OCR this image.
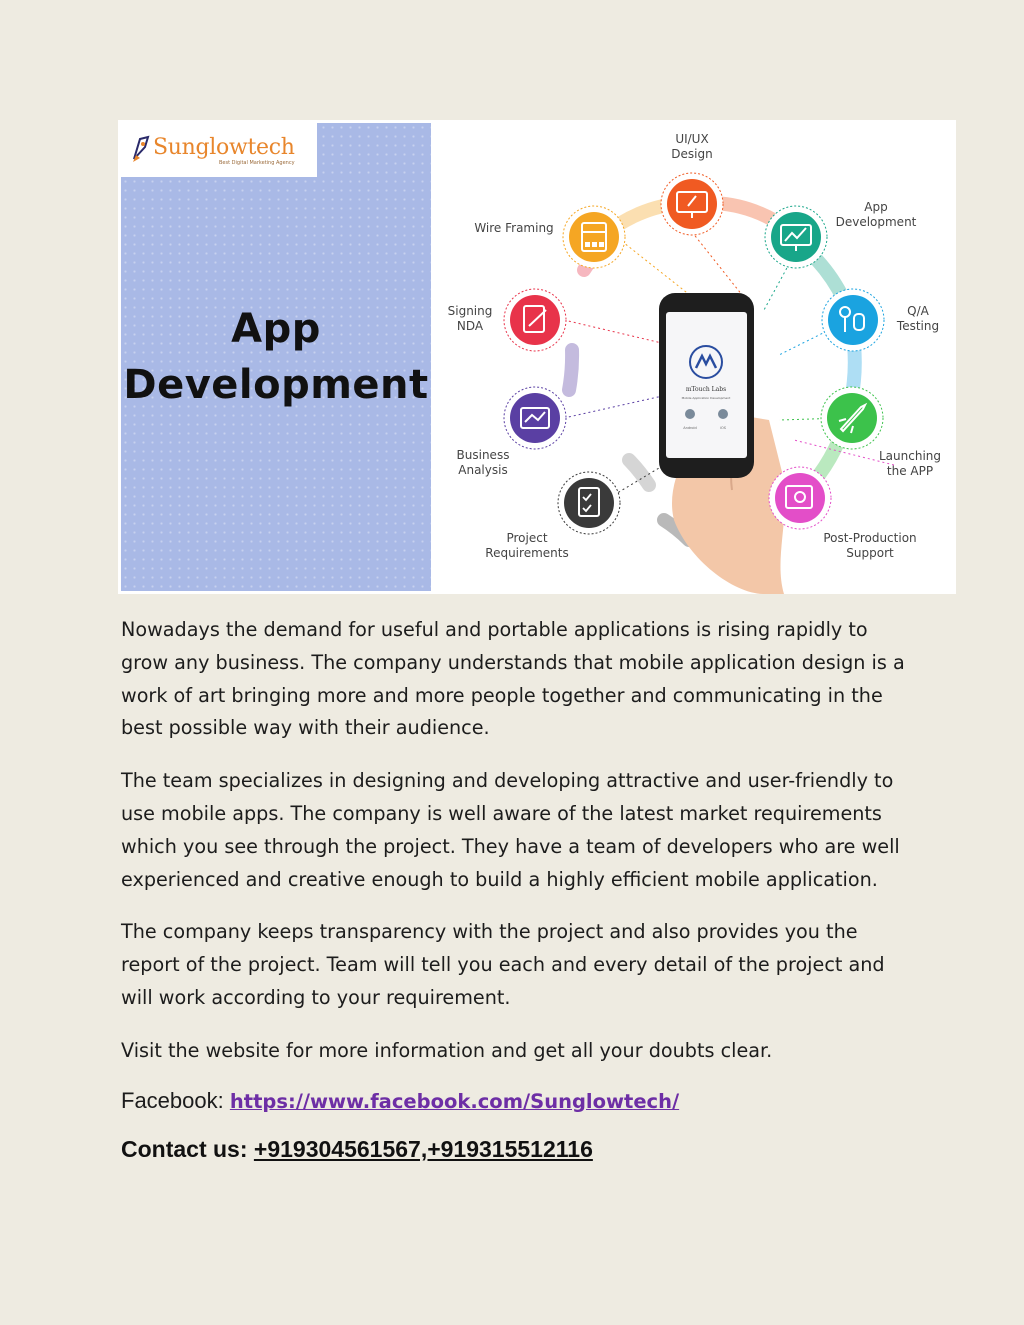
Sunglowtech
Best Digital Marketing Agency
App
Development	mTouch Labs
Mobile Application Development
Android	iOS
UI/UX
Design
App
Development
Q/A
Testing
Launching
the APP
Post-Production
Support
Project
Requirements
Business
Analysis
Signing
NDA
Wire Framing

Nowadays the demand for useful and portable applications is rising rapidly to grow any business. The company understands that mobile application design is a work of art bringing more and more people together and communicating in the best possible way with their audience.

The team specializes in designing and developing attractive and user-friendly to use mobile apps. The company is well aware of the latest market requirements which you see through the project. They have a team of developers who are well experienced and creative enough to build a highly efficient mobile application.

The company keeps transparency with the project and also provides you the report of the project. Team will tell you each and every detail of the project and will work according to your requirement.

Visit the website for more information and get all your doubts clear.

Facebook: https://www.facebook.com/Sunglowtech/
Contact us: +919304561567,+919315512116
